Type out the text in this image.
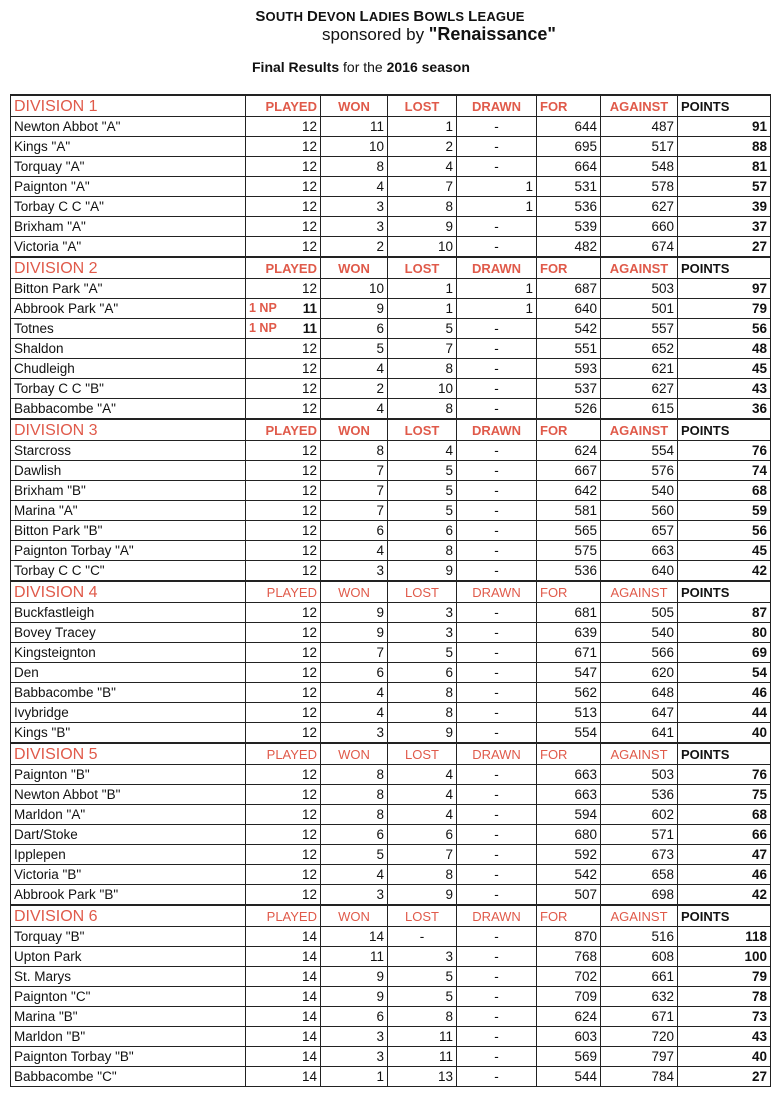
SOUTH DEVON LADIES BOWLS LEAGUE
sponsored by "Renaissance"
Final Results for the 2016 season
DIVISION 1	PLAYED	WON	LOST	DRAWN	FOR	AGAINST	POINTS
Newton Abbot "A"	12	11	1	-	644	487	91
Kings "A"	12	10	2	-	695	517	88
Torquay "A"	12	8	4	-	664	548	81
Paignton "A"	12	4	7	1	531	578	57
Torbay C C "A"	12	3	8	1	536	627	39
Brixham "A"	12	3	9	-	539	660	37
Victoria "A"	12	2	10	-	482	674	27
DIVISION 2	PLAYED	WON	LOST	DRAWN	FOR	AGAINST	POINTS
Bitton Park "A"	12	10	1	1	687	503	97
Abbrook Park "A"	1 NP 11	9	1	1	640	501	79
Totnes	1 NP 11	6	5	-	542	557	56
Shaldon	12	5	7	-	551	652	48
Chudleigh	12	4	8	-	593	621	45
Torbay C C "B"	12	2	10	-	537	627	43
Babbacombe "A"	12	4	8	-	526	615	36
DIVISION 3	PLAYED	WON	LOST	DRAWN	FOR	AGAINST	POINTS
Starcross	12	8	4	-	624	554	76
Dawlish	12	7	5	-	667	576	74
Brixham "B"	12	7	5	-	642	540	68
Marina "A"	12	7	5	-	581	560	59
Bitton Park "B"	12	6	6	-	565	657	56
Paignton Torbay "A"	12	4	8	-	575	663	45
Torbay C C "C"	12	3	9	-	536	640	42
DIVISION 4	PLAYED	WON	LOST	DRAWN	FOR	AGAINST	POINTS
Buckfastleigh	12	9	3	-	681	505	87
Bovey Tracey	12	9	3	-	639	540	80
Kingsteignton	12	7	5	-	671	566	69
Den	12	6	6	-	547	620	54
Babbacombe "B"	12	4	8	-	562	648	46
Ivybridge	12	4	8	-	513	647	44
Kings "B"	12	3	9	-	554	641	40
DIVISION 5	PLAYED	WON	LOST	DRAWN	FOR	AGAINST	POINTS
Paignton "B"	12	8	4	-	663	503	76
Newton Abbot "B"	12	8	4	-	663	536	75
Marldon "A"	12	8	4	-	594	602	68
Dart/Stoke	12	6	6	-	680	571	66
Ipplepen	12	5	7	-	592	673	47
Victoria "B"	12	4	8	-	542	658	46
Abbrook Park "B"	12	3	9	-	507	698	42
DIVISION 6	PLAYED	WON	LOST	DRAWN	FOR	AGAINST	POINTS
Torquay "B"	14	14	-	-	870	516	118
Upton Park	14	11	3	-	768	608	100
St. Marys	14	9	5	-	702	661	79
Paignton "C"	14	9	5	-	709	632	78
Marina "B"	14	6	8	-	624	671	73
Marldon "B"	14	3	11	-	603	720	43
Paignton Torbay "B"	14	3	11	-	569	797	40
Babbacombe "C"	14	1	13	-	544	784	27
